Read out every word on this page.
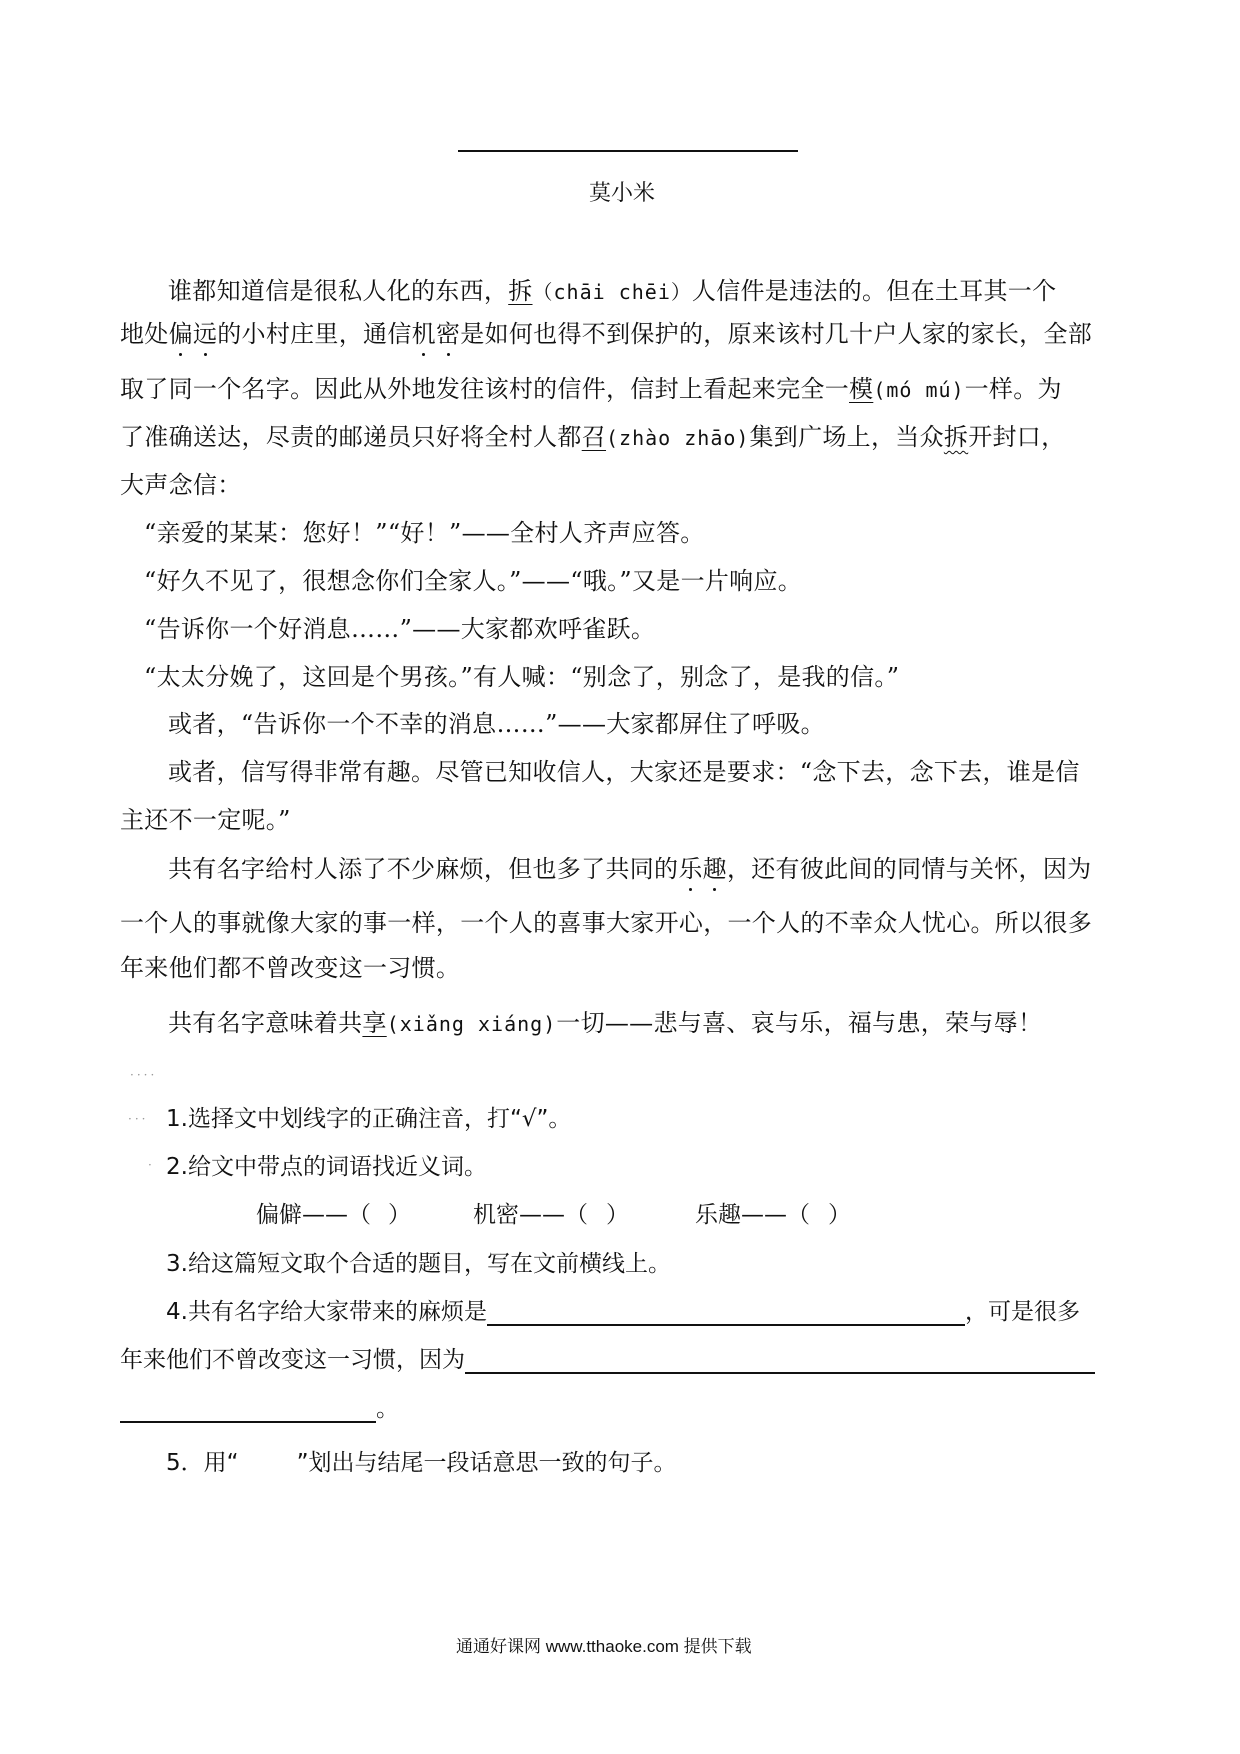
莫小米
谁都知道信是很私人化的东西，拆（chāi chēi）人信件是违法的。但在土耳其一个
地处偏远的小村庄里，通信机密是如何也得不到保护的，原来该村几十户人家的家长，全部
取了同一个名字。因此从外地发往该村的信件，信封上看起来完全一模(mó mú)一样。为
了准确送达，尽责的邮递员只好将全村人都召(zhào zhāo)集到广场上，当众拆开封口，
大声念信：
“亲爱的某某：您好！”“好！”——全村人齐声应答。
“好久不见了，很想念你们全家人。”——“哦。”又是一片响应。
“告诉你一个好消息……”——大家都欢呼雀跃。
“太太分娩了，这回是个男孩。”有人喊：“别念了，别念了，是我的信。”
或者，“告诉你一个不幸的消息……”——大家都屏住了呼吸。
或者，信写得非常有趣。尽管已知收信人，大家还是要求：“念下去，念下去，谁是信
主还不一定呢。”
共有名字给村人添了不少麻烦，但也多了共同的乐趣，还有彼此间的同情与关怀，因为
一个人的事就像大家的事一样，一个人的喜事大家开心，一个人的不幸众人忧心。所以很多
年来他们都不曾改变这一习惯。
共有名字意味着共享(xiǎng xiáng)一切——悲与喜、哀与乐，福与患，荣与辱！
····
···
·
1.选择文中划线字的正确注音，打“√”。
2.给文中带点的词语找近义词。
偏僻——（ ）	机密——（ ）	乐趣——（ ）
3.给这篇短文取个合适的题目，写在文前横线上。
4.共有名字给大家带来的麻烦是	，可是很多
年来他们不曾改变这一习惯，因为
。
5．用“	”划出与结尾一段话意思一致的句子。
通通好课网 www.tthaoke.com 提供下载
